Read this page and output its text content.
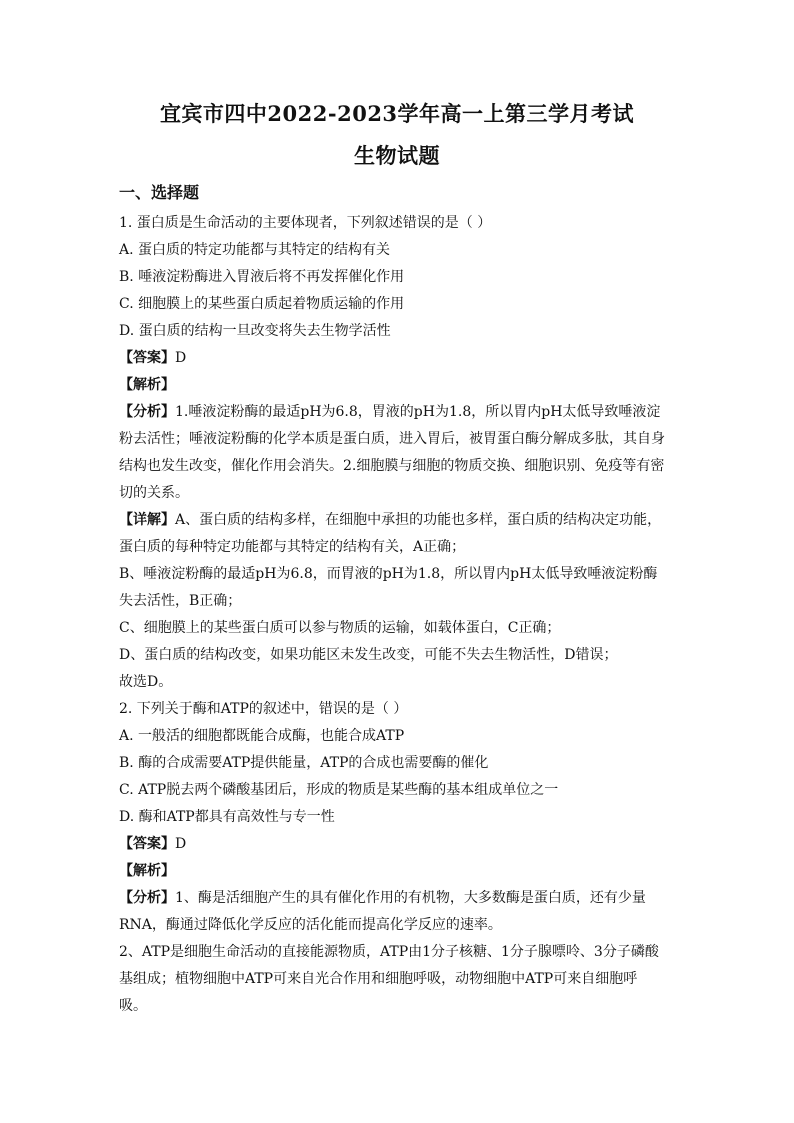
宜宾市四中2022-2023学年高一上第三学月考试
生物试题
一、选择题

1. 蛋白质是生命活动的主要体现者，下列叙述错误的是（ ）

A. 蛋白质的特定功能都与其特定的结构有关

B. 唾液淀粉酶进入胃液后将不再发挥催化作用

C. 细胞膜上的某些蛋白质起着物质运输的作用

D. 蛋白质的结构一旦改变将失去生物学活性

【答案】D

【解析】

【分析】1.唾液淀粉酶的最适pH为6.8，胃液的pH为1.8，所以胃内pH太低导致唾液淀

粉去活性；唾液淀粉酶的化学本质是蛋白质，进入胃后，被胃蛋白酶分解成多肽，其自身

结构也发生改变，催化作用会消失。2.细胞膜与细胞的物质交换、细胞识别、免疫等有密

切的关系。

【详解】A、蛋白质的结构多样，在细胞中承担的功能也多样，蛋白质的结构决定功能，

蛋白质的每种特定功能都与其特定的结构有关，A正确；

B、唾液淀粉酶的最适pH为6.8，而胃液的pH为1.8，所以胃内pH太低导致唾液淀粉酶

失去活性，B正确；

C、细胞膜上的某些蛋白质可以参与物质的运输，如载体蛋白，C正确；

D、蛋白质的结构改变，如果功能区未发生改变，可能不失去生物活性，D错误；

故选D。

2. 下列关于酶和ATP的叙述中，错误的是（ ）

A. 一般活的细胞都既能合成酶，也能合成ATP

B. 酶的合成需要ATP提供能量，ATP的合成也需要酶的催化

C. ATP脱去两个磷酸基团后，形成的物质是某些酶的基本组成单位之一

D. 酶和ATP都具有高效性与专一性

【答案】D

【解析】

【分析】1、酶是活细胞产生的具有催化作用的有机物，大多数酶是蛋白质，还有少量

RNA，酶通过降低化学反应的活化能而提高化学反应的速率。

2、ATP是细胞生命活动的直接能源物质，ATP由1分子核糖、1分子腺嘌呤、3分子磷酸

基组成；植物细胞中ATP可来自光合作用和细胞呼吸，动物细胞中ATP可来自细胞呼

吸。
